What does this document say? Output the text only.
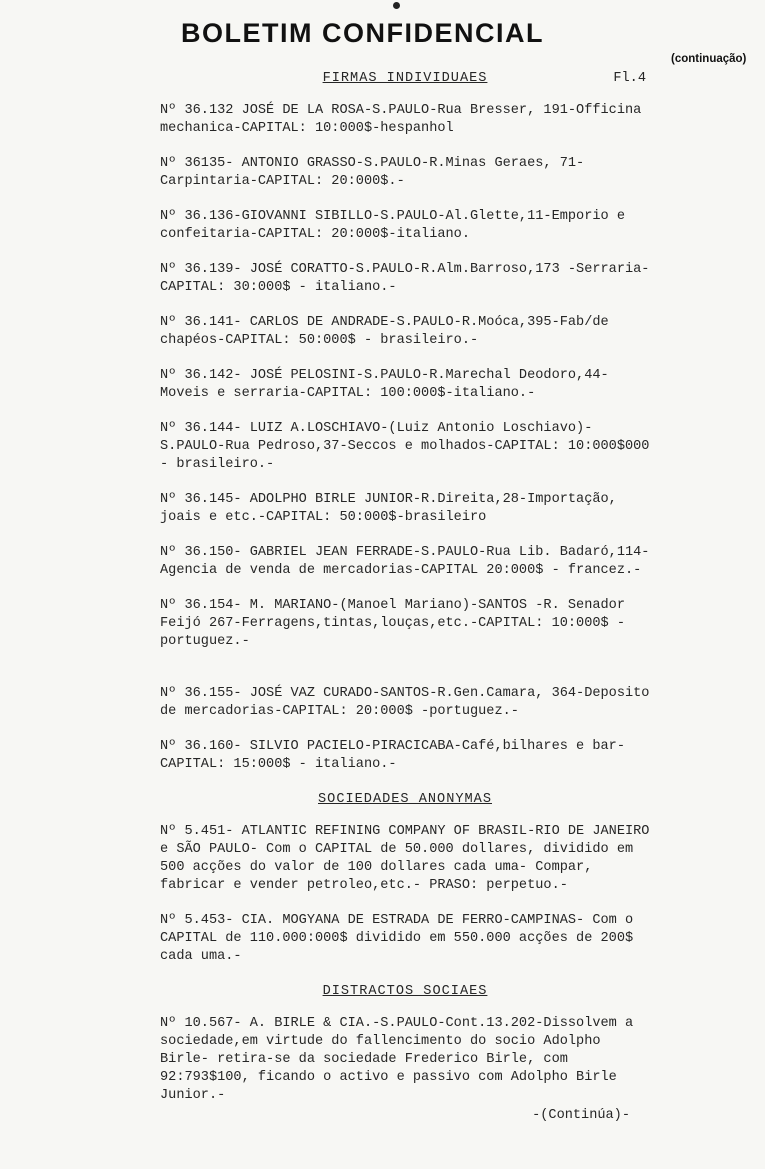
BOLETIM CONFIDENCIAL
(continuação)
FIRMAS INDIVIDUAES	Fl.4

Nº 36.132 JOSÉ DE LA ROSA-S.PAULO-Rua Bresser, 191-Officina mechanica-CAPITAL: 10:000$-hespanhol

Nº 36135- ANTONIO GRASSO-S.PAULO-R.Minas Geraes, 71-Carpintaria-CAPITAL: 20:000$.-

Nº 36.136-GIOVANNI SIBILLO-S.PAULO-Al.Glette,11-Emporio e confeitaria-CAPITAL: 20:000$-italiano.

Nº 36.139- JOSÉ CORATTO-S.PAULO-R.Alm.Barroso,173 -Serraria-CAPITAL: 30:000$ - italiano.-

Nº 36.141- CARLOS DE ANDRADE-S.PAULO-R.Moóca,395-Fab/de chapéos-CAPITAL: 50:000$ - brasileiro.-

Nº 36.142- JOSÉ PELOSINI-S.PAULO-R.Marechal Deodoro,44-Moveis e serraria-CAPITAL: 100:000$-italiano.-

Nº 36.144- LUIZ A.LOSCHIAVO-(Luiz Antonio Loschiavo)-S.PAULO-Rua Pedroso,37-Seccos e molhados-CAPITAL: 10:000$000 - brasileiro.-

Nº 36.145- ADOLPHO BIRLE JUNIOR-R.Direita,28-Importação, joais e etc.-CAPITAL: 50:000$-brasileiro

Nº 36.150- GABRIEL JEAN FERRADE-S.PAULO-Rua Lib. Badaró,114-Agencia de venda de mercadorias-CAPITAL 20:000$ - francez.-

Nº 36.154- M. MARIANO-(Manoel Mariano)-SANTOS -R. Senador Feijó 267-Ferragens,tintas,louças,etc.-CAPITAL: 10:000$ - portuguez.-

Nº 36.155- JOSÉ VAZ CURADO-SANTOS-R.Gen.Camara, 364-Deposito de mercadorias-CAPITAL: 20:000$ -portuguez.-

Nº 36.160- SILVIO PACIELO-PIRACICABA-Café,bilhares e bar- CAPITAL: 15:000$ - italiano.-

SOCIEDADES ANONYMAS

Nº 5.451- ATLANTIC REFINING COMPANY OF BRASIL-RIO DE JANEIRO e SÃO PAULO- Com o CAPITAL de 50.000 dollares, dividido em 500 acções do valor de 100 dollares cada uma- Compar, fabricar e vender petroleo,etc.- PRASO: perpetuo.-

Nº 5.453- CIA. MOGYANA DE ESTRADA DE FERRO-CAMPINAS- Com o CAPITAL de 110.000:000$ dividido em 550.000 acções de 200$ cada uma.-

DISTRACTOS SOCIAES

Nº 10.567- A. BIRLE & CIA.-S.PAULO-Cont.13.202-Dissolvem a sociedade,em virtude do fallencimento do socio Adolpho Birle- retira-se da sociedade Frederico Birle, com 92:793$100, ficando o activo e passivo com Adolpho Birle Junior.-

-(Continúa)-
